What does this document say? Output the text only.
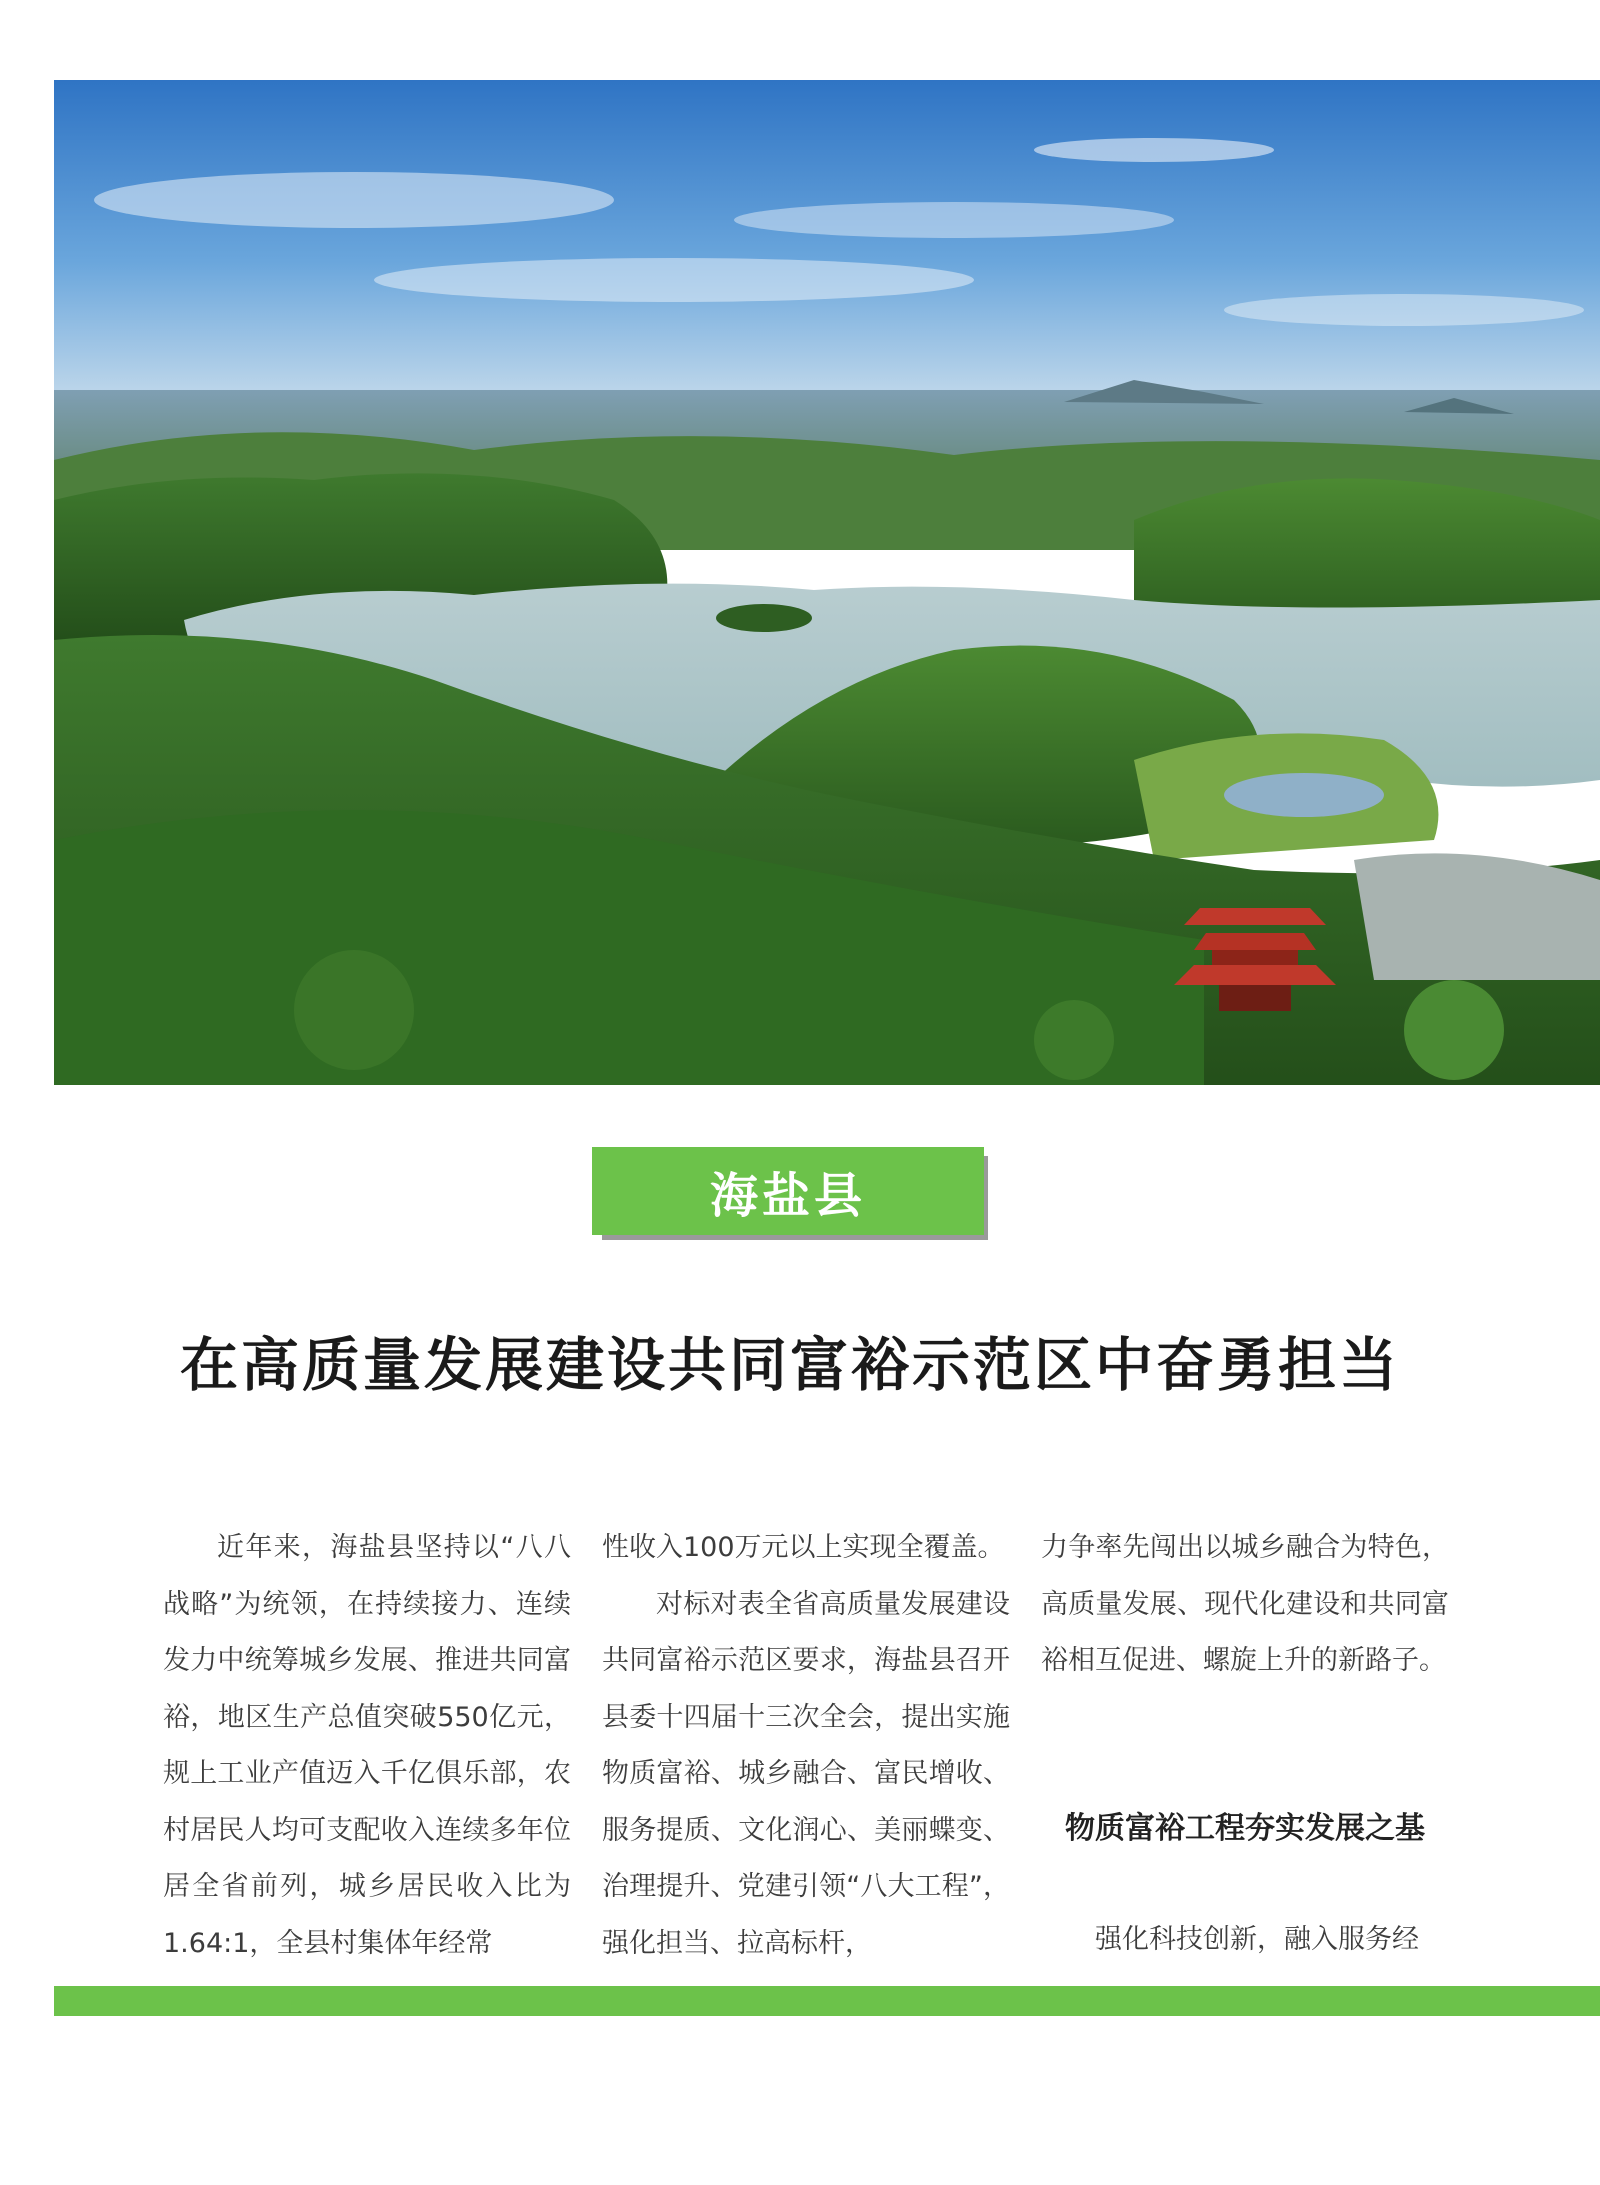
海盐县
在高质量发展建设共同富裕示范区中奋勇担当

近年来，海盐县坚持以“八八战略”为统领，在持续接力、连续发力中统筹城乡发展、推进共同富裕，地区生产总值突破550亿元，规上工业产值迈入千亿俱乐部，农村居民人均可支配收入连续多年位居全省前列，城乡居民收入比为1.64:1，全县村集体年经常

性收入100万元以上实现全覆盖。

对标对表全省高质量发展建设共同富裕示范区要求，海盐县召开县委十四届十三次全会，提出实施物质富裕、城乡融合、富民增收、服务提质、文化润心、美丽蝶变、治理提升、党建引领“八大工程”，强化担当、拉高标杆，

力争率先闯出以城乡融合为特色，高质量发展、现代化建设和共同富裕相互促进、螺旋上升的新路子。

物质富裕工程夯实发展之基

强化科技创新，融入服务经
